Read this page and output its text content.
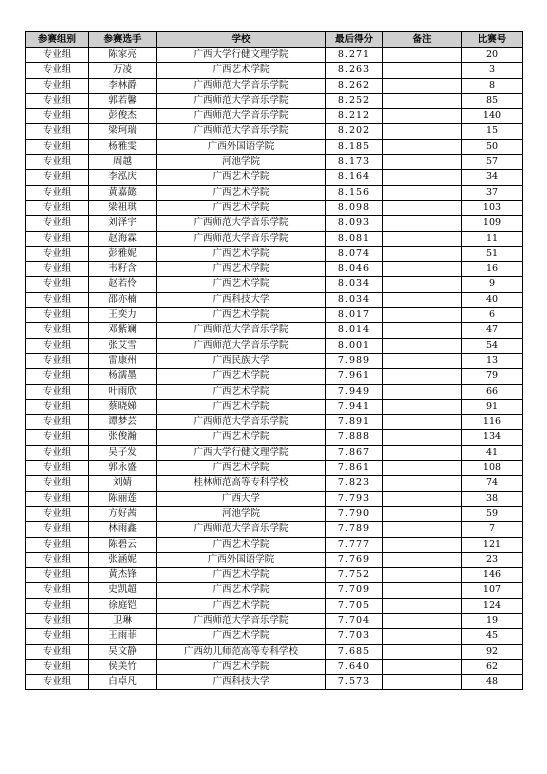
参赛组别	参赛选手	学校	最后得分	备注	比赛号
专业组	陈家亮	广西大学行健文理学院	8.271		20
专业组	万凌	广西艺术学院	8.263		3
专业组	李林爵	广西师范大学音乐学院	8.262		8
专业组	郭若馨	广西师范大学音乐学院	8.252		85
专业组	彭俊杰	广西师范大学音乐学院	8.212		140
专业组	梁珂瑞	广西师范大学音乐学院	8.202		15
专业组	杨雅雯	广西外国语学院	8.185		50
专业组	周越	河池学院	8.173		57
专业组	李泓庆	广西艺术学院	8.164		34
专业组	黄嘉懿	广西艺术学院	8.156		37
专业组	梁祖琪	广西艺术学院	8.098		103
专业组	刘泽宇	广西师范大学音乐学院	8.093		109
专业组	赵海霖	广西师范大学音乐学院	8.081		11
专业组	彭雅妮	广西艺术学院	8.074		51
专业组	韦籽含	广西艺术学院	8.046		16
专业组	赵若伶	广西艺术学院	8.034		9
专业组	邵亦楠	广西科技大学	8.034		40
专业组	王奕力	广西艺术学院	8.017		6
专业组	邓紫斓	广西师范大学音乐学院	8.014		47
专业组	张艾雪	广西师范大学音乐学院	8.001		54
专业组	雷康州	广西民族大学	7.989		13
专业组	杨濡墨	广西艺术学院	7.961		79
专业组	叶雨欣	广西艺术学院	7.949		66
专业组	蔡晓娣	广西艺术学院	7.941		91
专业组	谭梦芸	广西师范大学音乐学院	7.891		116
专业组	张俊瀚	广西艺术学院	7.888		134
专业组	吴子发	广西大学行健文理学院	7.867		41
专业组	郭永盛	广西艺术学院	7.861		108
专业组	刘婧	桂林师范高等专科学校	7.823		74
专业组	陈丽莲	广西大学	7.793		38
专业组	方好茜	河池学院	7.790		59
专业组	林雨鑫	广西师范大学音乐学院	7.789		7
专业组	陈碧云	广西艺术学院	7.777		121
专业组	张涵妮	广西外国语学院	7.769		23
专业组	黄杰锋	广西艺术学院	7.752		146
专业组	史凯超	广西艺术学院	7.709		107
专业组	徐庭铠	广西艺术学院	7.705		124
专业组	卫琳	广西师范大学音乐学院	7.704		19
专业组	王雨菲	广西艺术学院	7.703		45
专业组	吴文静	广西幼儿师范高等专科学校	7.685		92
专业组	侯美竹	广西艺术学院	7.640		62
专业组	白卓凡	广西科技大学	7.573		48
